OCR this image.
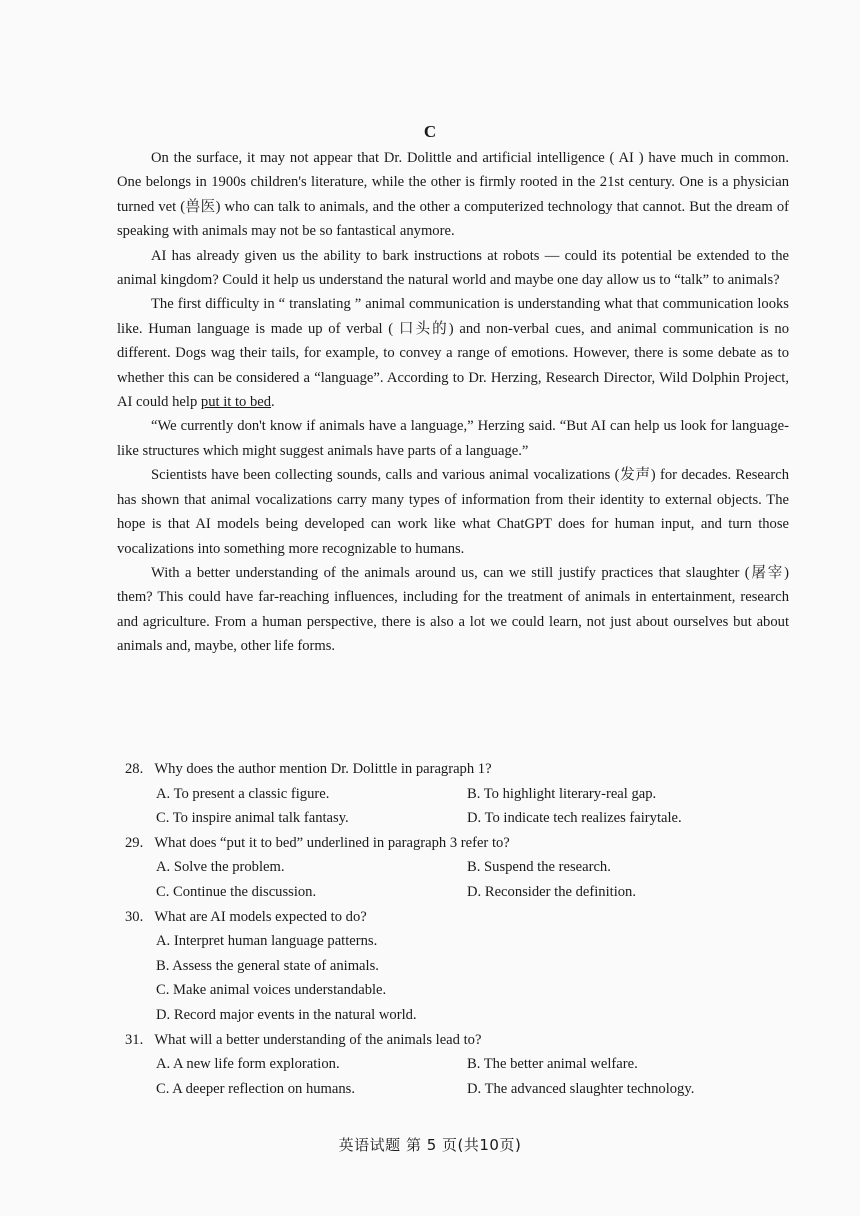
C

On the surface, it may not appear that Dr. Dolittle and artificial intelligence ( AI ) have much in common. One belongs in 1900s children's literature, while the other is firmly rooted in the 21st century. One is a physician turned vet (兽医) who can talk to animals, and the other a computerized technology that cannot. But the dream of speaking with animals may not be so fantastical anymore.

AI has already given us the ability to bark instructions at robots — could its potential be extended to the animal kingdom? Could it help us understand the natural world and maybe one day allow us to “talk” to animals?

The first difficulty in “ translating ” animal communication is understanding what that communication looks like. Human language is made up of verbal ( 口头的) and non-verbal cues, and animal communication is no different. Dogs wag their tails, for example, to convey a range of emotions. However, there is some debate as to whether this can be considered a “language”. According to Dr. Herzing, Research Director, Wild Dolphin Project, AI could help put it to bed.

“We currently don't know if animals have a language,” Herzing said. “But AI can help us look for language-like structures which might suggest animals have parts of a language.”

Scientists have been collecting sounds, calls and various animal vocalizations (发声) for decades. Research has shown that animal vocalizations carry many types of information from their identity to external objects. The hope is that AI models being developed can work like what ChatGPT does for human input, and turn those vocalizations into something more recognizable to humans.

With a better understanding of the animals around us, can we still justify practices that slaughter (屠宰) them? This could have far-reaching influences, including for the treatment of animals in entertainment, research and agriculture. From a human perspective, there is also a lot we could learn, not just about ourselves but about animals and, maybe, other life forms.

28. Why does the author mention Dr. Dolittle in paragraph 1?
A. To present a classic figure.	B. To highlight literary-real gap.
C. To inspire animal talk fantasy.	D. To indicate tech realizes fairytale.
29. What does “put it to bed” underlined in paragraph 3 refer to?
A. Solve the problem.	B. Suspend the research.
C. Continue the discussion.	D. Reconsider the definition.
30. What are AI models expected to do?
A. Interpret human language patterns.
B. Assess the general state of animals.
C. Make animal voices understandable.
D. Record major events in the natural world.
31. What will a better understanding of the animals lead to?
A. A new life form exploration.	B. The better animal welfare.
C. A deeper reflection on humans.	D. The advanced slaughter technology.
英语试题 第 5 页(共10页)
